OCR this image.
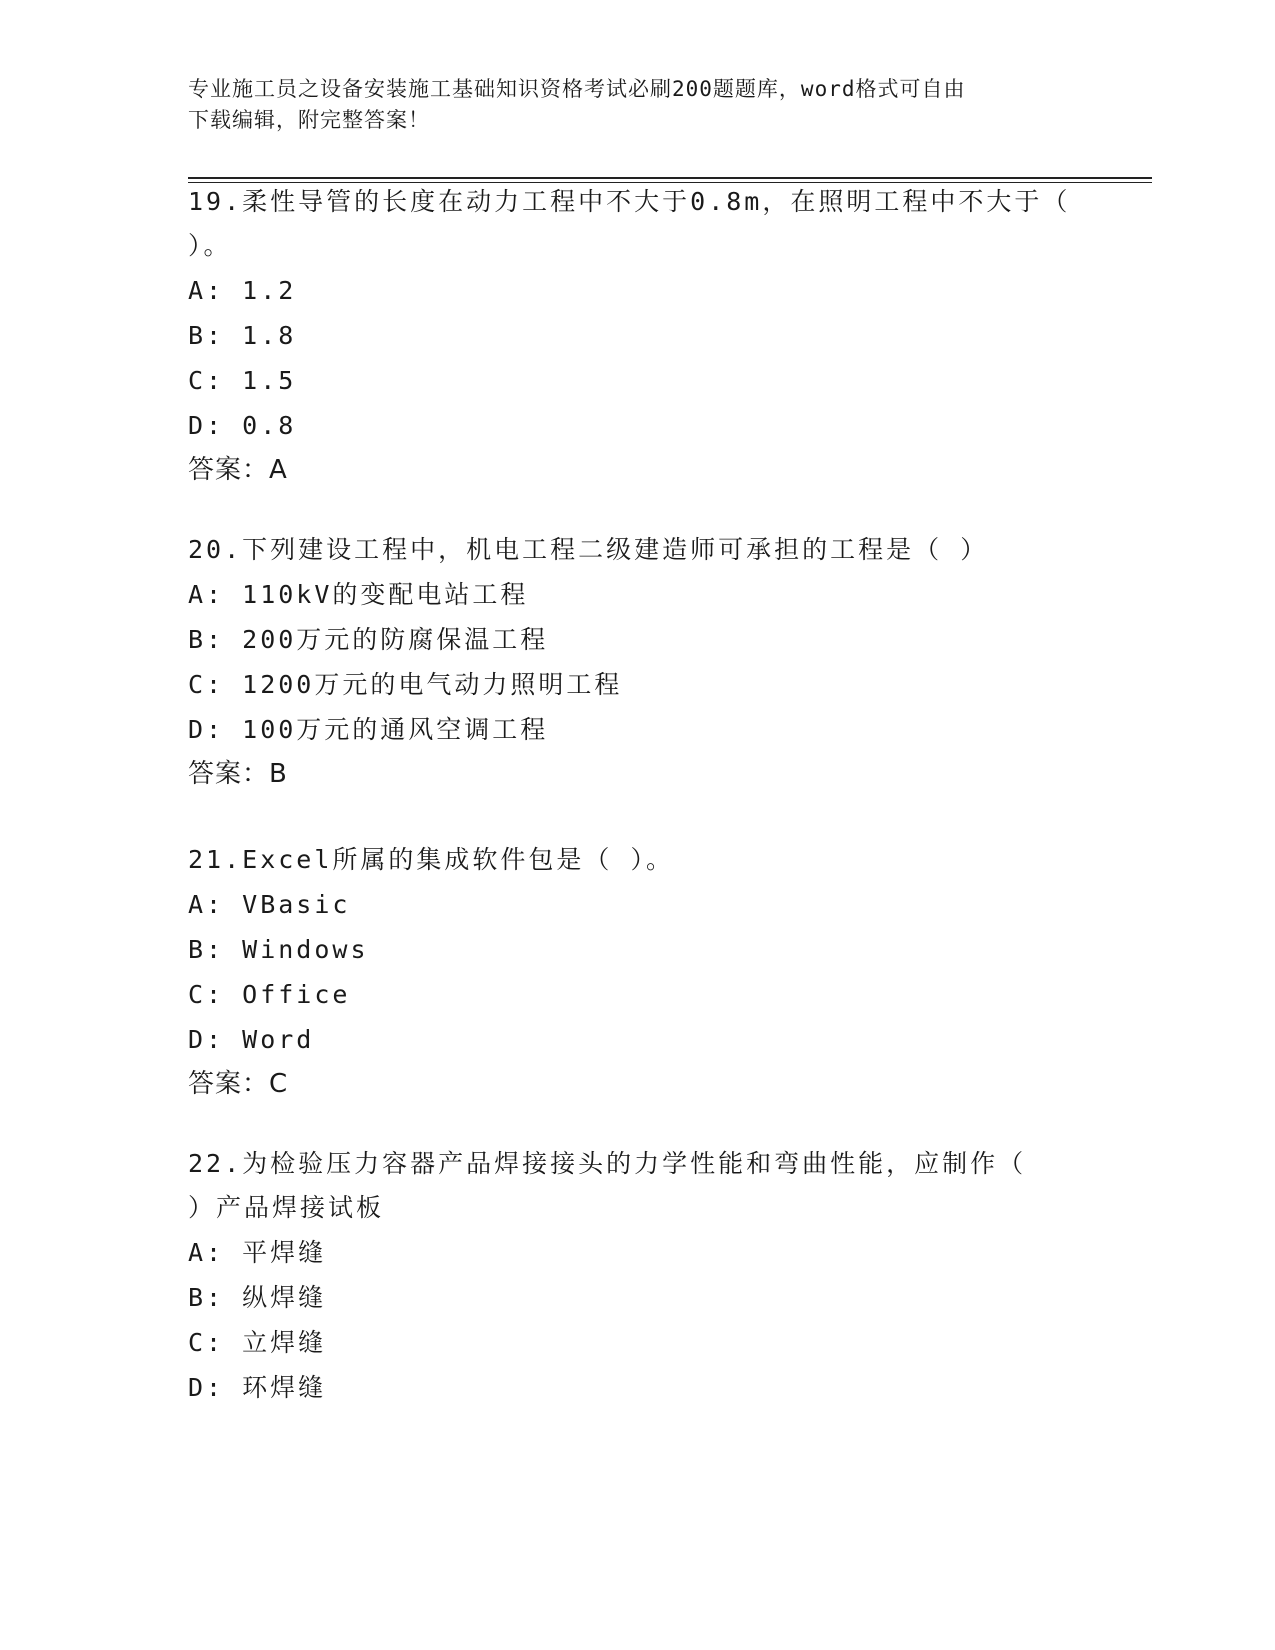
专业施工员之设备安装施工基础知识资格考试必刷200题题库，word格式可自由
下载编辑，附完整答案！
19.柔性导管的长度在动力工程中不大于0.8m，在照明工程中不大于（
）。
A: 1.2
B: 1.8
C: 1.5
D: 0.8
答案：A
20.下列建设工程中，机电工程二级建造师可承担的工程是（ ）
A: 110kV的变配电站工程
B: 200万元的防腐保温工程
C: 1200万元的电气动力照明工程
D: 100万元的通风空调工程
答案：B
21.Excel所属的集成软件包是（ ）。
A: VBasic
B: Windows
C: Office
D: Word
答案：C
22.为检验压力容器产品焊接接头的力学性能和弯曲性能，应制作（
）产品焊接试板
A: 平焊缝
B: 纵焊缝
C: 立焊缝
D: 环焊缝
